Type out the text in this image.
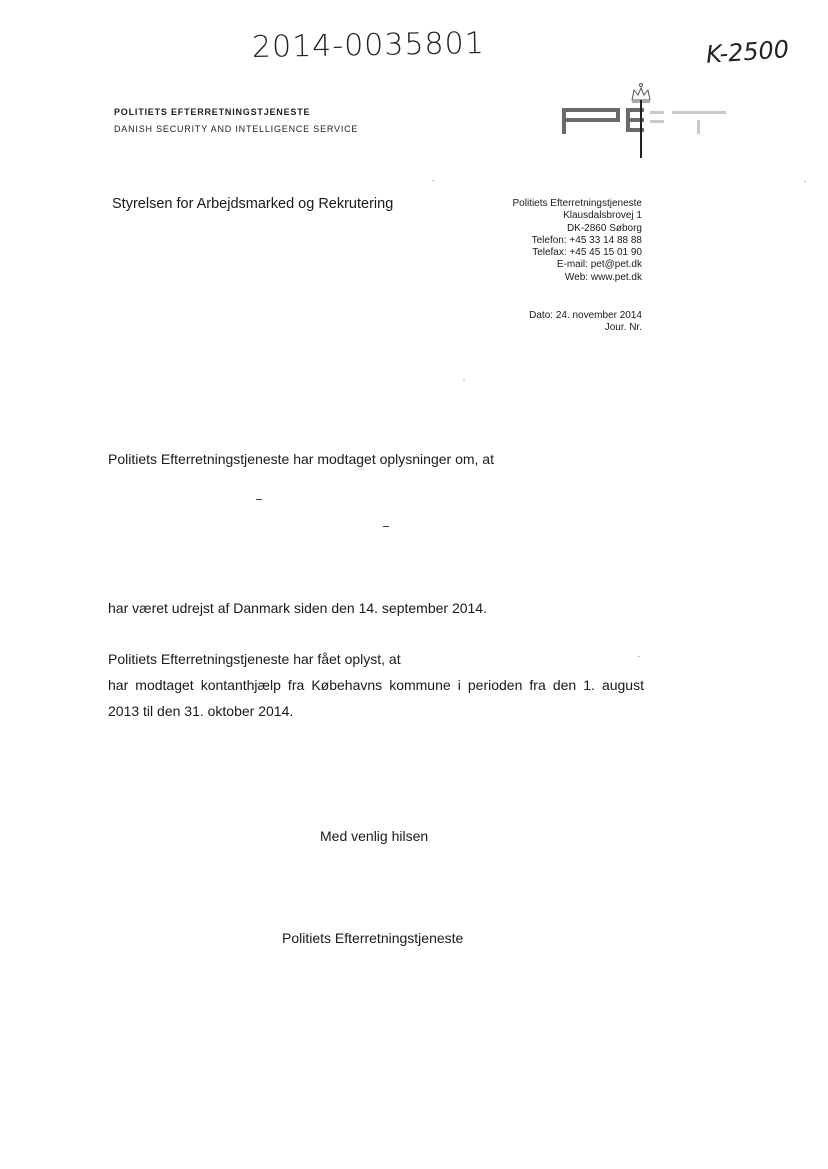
2014-0035801	K-2500
POLITIETS EFTERRETNINGSTJENESTE
DANISH SECURITY AND INTELLIGENCE SERVICE
PET
Styrelsen for Arbejdsmarked og Rekrutering	Politiets Efterretningstjeneste
Klausdalsbrovej 1
DK-2860 Søborg
Telefon: +45 33 14 88 88
Telefax: +45 45 15 01 90
E-mail: pet@pet.dk
Web: www.pet.dk
Dato: 24. november 2014
Jour. Nr.
Politiets Efterretningstjeneste har modtaget oplysninger om, at
har været udrejst af Danmark siden den 14. september 2014.
Politiets Efterretningstjeneste har fået oplyst, at
har modtaget kontanthjælp fra Købehavns kommune i perioden fra den 1. august
2013 til den 31. oktober 2014.
Med venlig hilsen
Politiets Efterretningstjeneste
